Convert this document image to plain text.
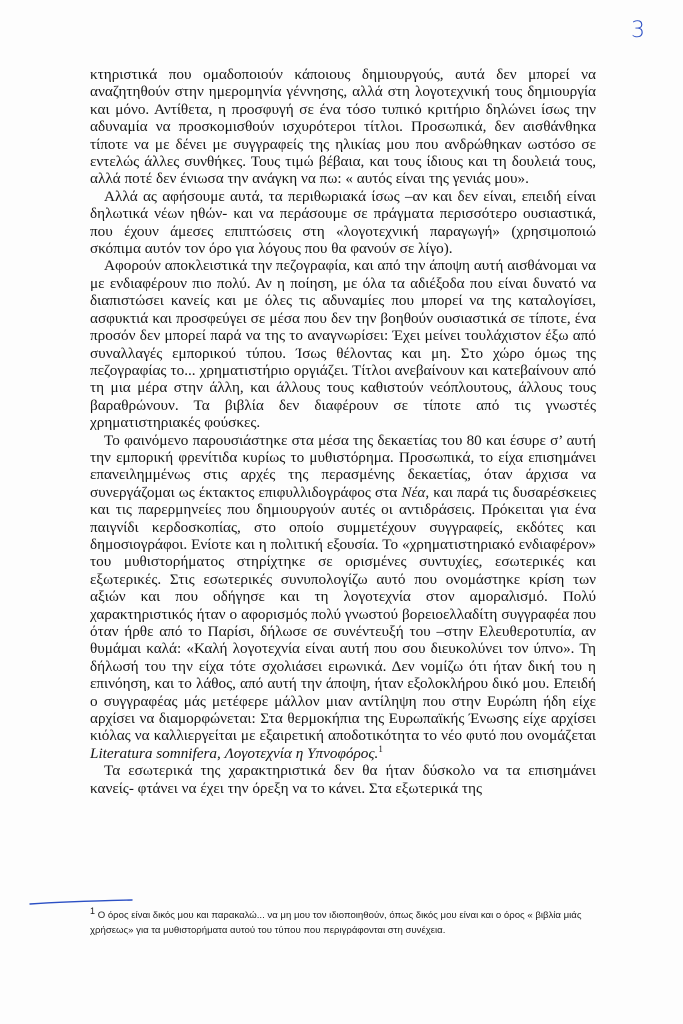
3

κτηριστικά που ομαδοποιούν κάποιους δημιουργούς, αυτά δεν μπορεί να αναζητηθούν στην ημερομηνία γέννησης, αλλά στη λογοτεχνική τους δημιουργία και μόνο. Αντίθετα, η προσφυγή σε ένα τόσο τυπικό κριτήριο δηλώνει ίσως την αδυναμία να προσκομισθούν ισχυρότεροι τίτλοι. Προσωπικά, δεν αισθάνθηκα τίποτε να με δένει με συγγραφείς της ηλικίας μου που ανδρώθηκαν ωστόσο σε εντελώς άλλες συνθήκες. Τους τιμώ βέβαια, και τους ίδιους και τη δουλειά τους, αλλά ποτέ δεν ένιωσα την ανάγκη να πω: « αυτός είναι της γενιάς μου».

Αλλά ας αφήσουμε αυτά, τα περιθωριακά ίσως –αν και δεν είναι, επειδή είναι δηλωτικά νέων ηθών- και να περάσουμε σε πράγματα περισσότερο ουσιαστικά, που έχουν άμεσες επιπτώσεις στη «λογοτεχνική παραγωγή» (χρησιμοποιώ σκόπιμα αυτόν τον όρο για λόγους που θα φανούν σε λίγο).

Αφορούν αποκλειστικά την πεζογραφία, και από την άποψη αυτή αισθάνομαι να με ενδιαφέρουν πιο πολύ. Αν η ποίηση, με όλα τα αδιέξοδα που είναι δυνατό να διαπιστώσει κανείς και με όλες τις αδυναμίες που μπορεί να της καταλογίσει, ασφυκτιά και προσφεύγει σε μέσα που δεν την βοηθούν ουσιαστικά σε τίποτε, ένα προσόν δεν μπορεί παρά να της το αναγνωρίσει: Έχει μείνει τουλάχιστον έξω από συναλλαγές εμπορικού τύπου. Ίσως θέλοντας και μη. Στο χώρο όμως της πεζογραφίας το... χρηματιστήριο οργιάζει. Τίτλοι ανεβαίνουν και κατεβαίνουν από τη μια μέρα στην άλλη, και άλλους τους καθιστούν νεόπλουτους, άλλους τους βαραθρώνουν. Τα βιβλία δεν διαφέρουν σε τίποτε από τις γνωστές χρηματιστηριακές φούσκες.

Το φαινόμενο παρουσιάστηκε στα μέσα της δεκαετίας του 80 και έσυρε σ’ αυτή την εμπορική φρενίτιδα κυρίως το μυθιστόρημα. Προσωπικά, το είχα επισημάνει επανειλημμένως στις αρχές της περασμένης δεκαετίας, όταν άρχισα να συνεργάζομαι ως έκτακτος επιφυλλιδογράφος στα Νέα, και παρά τις δυσαρέσκειες και τις παρερμηνείες που δημιουργούν αυτές οι αντιδράσεις. Πρόκειται για ένα παιγνίδι κερδοσκοπίας, στο οποίο συμμετέχουν συγγραφείς, εκδότες και δημοσιογράφοι. Ενίοτε και η πολιτική εξουσία. Το «χρηματιστηριακό ενδιαφέρον» του μυθιστορήματος στηρίχτηκε σε ορισμένες συντυχίες, εσωτερικές και εξωτερικές. Στις εσωτερικές συνυπολογίζω αυτό που ονομάστηκε κρίση των αξιών και που οδήγησε και τη λογοτεχνία στον αμοραλισμό. Πολύ χαρακτηριστικός ήταν ο αφορισμός πολύ γνωστού βορειοελλαδίτη συγγραφέα που όταν ήρθε από το Παρίσι, δήλωσε σε συνέντευξή του –στην Ελευθεροτυπία, αν θυμάμαι καλά: «Καλή λογοτεχνία είναι αυτή που σου διευκολύνει τον ύπνο». Τη δήλωσή του την είχα τότε σχολιάσει ειρωνικά. Δεν νομίζω ότι ήταν δική του η επινόηση, και το λάθος, από αυτή την άποψη, ήταν εξολοκλήρου δικό μου. Επειδή ο συγγραφέας μάς μετέφερε μάλλον μιαν αντίληψη που στην Ευρώπη ήδη είχε αρχίσει να διαμορφώνεται: Στα θερμοκήπια της Ευρωπαϊκής Ένωσης είχε αρχίσει κιόλας να καλλιεργείται με εξαιρετική αποδοτικότητα το νέο φυτό που ονομάζεται Literatura somnifera, Λογοτεχνία η Υπνοφόρος.$^1$

Τα εσωτερικά της χαρακτηριστικά δεν θα ήταν δύσκολο να τα επισημάνει κανείς- φτάνει να έχει την όρεξη να το κάνει. Στα εξωτερικά της

$^1$ Ο όρος είναι δικός μου και παρακαλώ... να μη μου τον ιδιοποιηθούν, όπως δικός μου είναι και ο όρος « βιβλία μιάς χρήσεως» για τα μυθιστορήματα αυτού του τύπου που περιγράφονται στη συνέχεια.
